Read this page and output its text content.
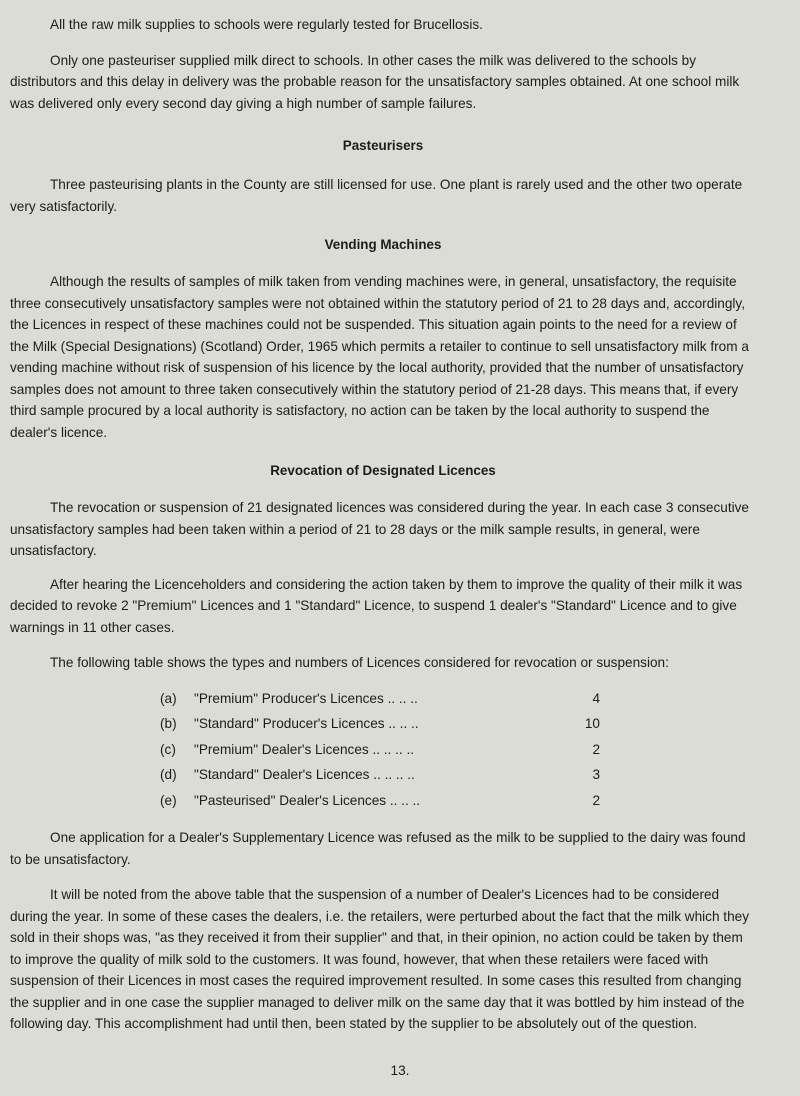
All the raw milk supplies to schools were regularly tested for Brucellosis.

Only one pasteuriser supplied milk direct to schools. In other cases the milk was delivered to the schools by distributors and this delay in delivery was the probable reason for the unsatisfactory samples obtained. At one school milk was delivered only every second day giving a high number of sample failures.

Pasteurisers

Three pasteurising plants in the County are still licensed for use. One plant is rarely used and the other two operate very satisfactorily.

Vending Machines

Although the results of samples of milk taken from vending machines were, in general, unsatisfactory, the requisite three consecutively unsatisfactory samples were not obtained within the statutory period of 21 to 28 days and, accordingly, the Licences in respect of these machines could not be suspended. This situation again points to the need for a review of the Milk (Special Designations) (Scotland) Order, 1965 which permits a retailer to continue to sell unsatisfactory milk from a vending machine without risk of suspension of his licence by the local authority, provided that the number of unsatisfactory samples does not amount to three taken consecutively within the statutory period of 21-28 days. This means that, if every third sample procured by a local authority is satisfactory, no action can be taken by the local authority to suspend the dealer's licence.

Revocation of Designated Licences

The revocation or suspension of 21 designated licences was considered during the year. In each case 3 consecutive unsatisfactory samples had been taken within a period of 21 to 28 days or the milk sample results, in general, were unsatisfactory.

After hearing the Licenceholders and considering the action taken by them to improve the quality of their milk it was decided to revoke 2 "Premium" Licences and 1 "Standard" Licence, to suspend 1 dealer's "Standard" Licence and to give warnings in 11 other cases.

The following table shows the types and numbers of Licences considered for revocation or suspension:

(a)	"Premium" Producer's Licences .. .. ..	4
(b)	"Standard" Producer's Licences .. .. ..	10
(c)	"Premium" Dealer's Licences .. .. .. ..	2
(d)	"Standard" Dealer's Licences .. .. .. ..	3
(e)	"Pasteurised" Dealer's Licences .. .. ..	2

One application for a Dealer's Supplementary Licence was refused as the milk to be supplied to the dairy was found to be unsatisfactory.

It will be noted from the above table that the suspension of a number of Dealer's Licences had to be considered during the year. In some of these cases the dealers, i.e. the retailers, were perturbed about the fact that the milk which they sold in their shops was, "as they received it from their supplier" and that, in their opinion, no action could be taken by them to improve the quality of milk sold to the customers. It was found, however, that when these retailers were faced with suspension of their Licences in most cases the required improvement resulted. In some cases this resulted from changing the supplier and in one case the supplier managed to deliver milk on the same day that it was bottled by him instead of the following day. This accomplishment had until then, been stated by the supplier to be absolutely out of the question.

13.
